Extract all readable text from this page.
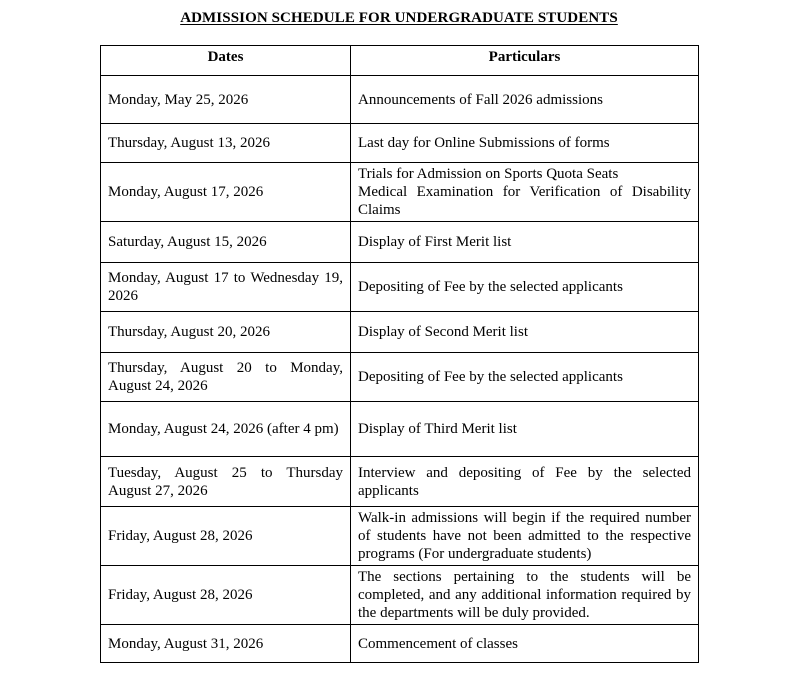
ADMISSION SCHEDULE FOR UNDERGRADUATE STUDENTS
Dates	Particulars
Monday, May 25, 2026	Announcements of Fall 2026 admissions
Thursday, August 13, 2026	Last day for Online Submissions of forms
Monday, August 17, 2026	Trials for Admission on Sports Quota Seats
Medical Examination for Verification of Disability Claims
Saturday, August 15, 2026	Display of First Merit list
Monday, August 17 to Wednesday 19, 2026	Depositing of Fee by the selected applicants
Thursday, August 20, 2026	Display of Second Merit list
Thursday, August 20 to Monday, August 24, 2026	Depositing of Fee by the selected applicants
Monday, August 24, 2026 (after 4 pm)	Display of Third Merit list
Tuesday, August 25 to Thursday August 27, 2026	Interview and depositing of Fee by the selected applicants
Friday, August 28, 2026	Walk-in admissions will begin if the required number of students have not been admitted to the respective programs (For undergraduate students)
Friday, August 28, 2026	The sections pertaining to the students will be completed, and any additional information required by the departments will be duly provided.
Monday, August 31, 2026	Commencement of classes
